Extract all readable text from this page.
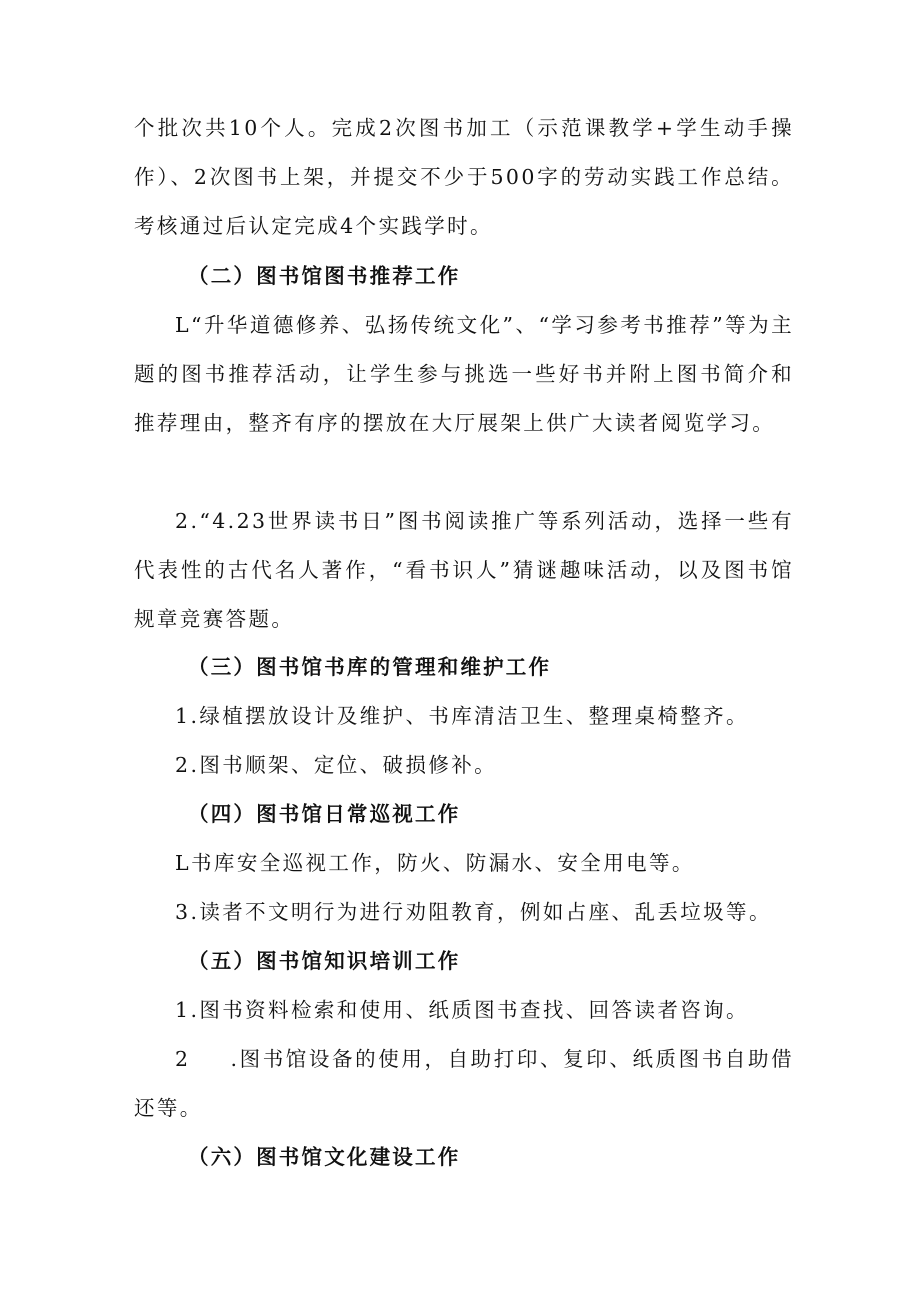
个批次共10个人。完成2次图书加工（示范课教学+学生动手操作）、2次图书上架，并提交不少于500字的劳动实践工作总结。考核通过后认定完成4个实践学时。

（二）图书馆图书推荐工作

L“升华道德修养、弘扬传统文化”、“学习参考书推荐”等为主题的图书推荐活动，让学生参与挑选一些好书并附上图书简介和推荐理由，整齐有序的摆放在大厅展架上供广大读者阅览学习。

2.“4.23世界读书日”图书阅读推广等系列活动，选择一些有代表性的古代名人著作，“看书识人”猜谜趣味活动，以及图书馆规章竞赛答题。

（三）图书馆书库的管理和维护工作

1.绿植摆放设计及维护、书库清洁卫生、整理桌椅整齐。

2.图书顺架、定位、破损修补。

（四）图书馆日常巡视工作

L书库安全巡视工作，防火、防漏水、安全用电等。

3.读者不文明行为进行劝阻教育，例如占座、乱丢垃圾等。

（五）图书馆知识培训工作

1.图书资料检索和使用、纸质图书查找、回答读者咨询。

2 .图书馆设备的使用，自助打印、复印、纸质图书自助借还等。

（六）图书馆文化建设工作
